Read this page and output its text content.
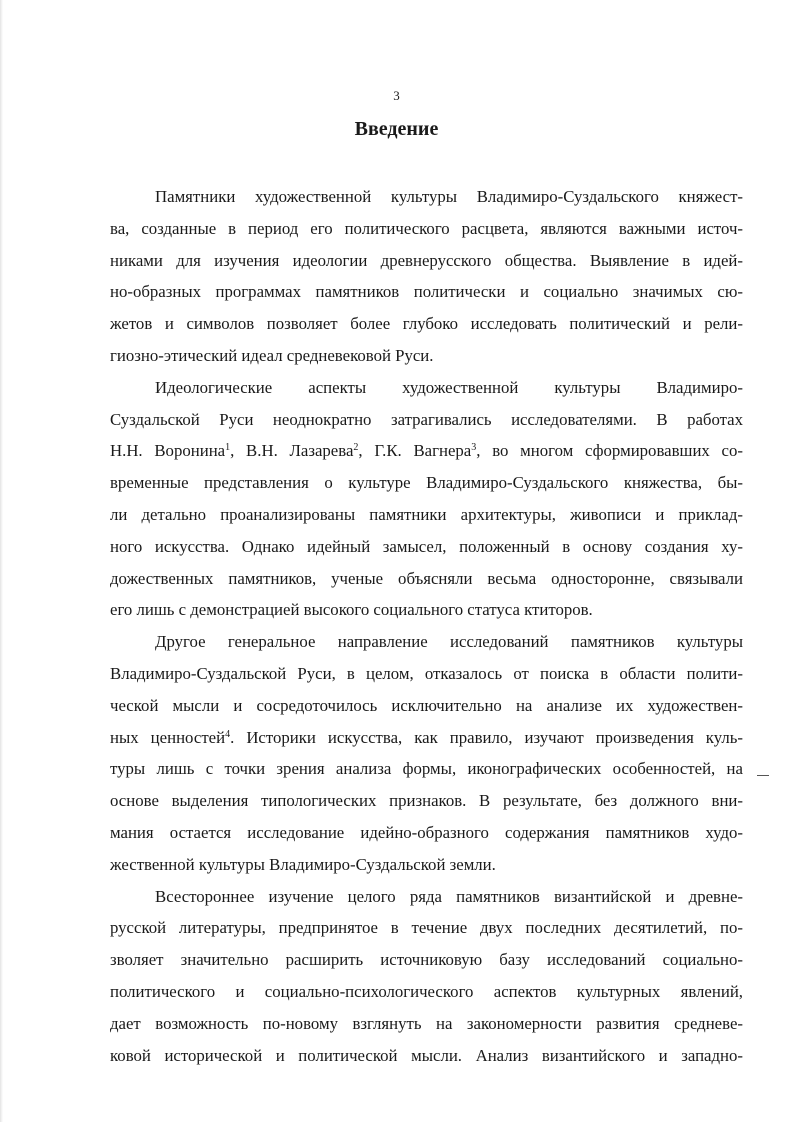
3
Введение
Памятники художественной культуры Владимиро-Суздальского княжест-
ва, созданные в период его политического расцвета, являются важными источ-
никами для изучения идеологии древнерусского общества. Выявление в идей-
но-образных программах памятников политически и социально значимых сю-
жетов и символов позволяет более глубоко исследовать политический и рели-
гиозно-этический идеал средневековой Руси.
Идеологические аспекты художественной культуры Владимиро-
Суздальской Руси неоднократно затрагивались исследователями. В работах
Н.Н. Воронина$^1$, В.Н. Лазарева$^2$, Г.К. Вагнера$^3$, во многом сформировавших со-
временные представления о культуре Владимиро-Суздальского княжества, бы-
ли детально проанализированы памятники архитектуры, живописи и приклад-
ного искусства. Однако идейный замысел, положенный в основу создания ху-
дожественных памятников, ученые объясняли весьма односторонне, связывали
его лишь с демонстрацией высокого социального статуса ктиторов.
Другое генеральное направление исследований памятников культуры
Владимиро-Суздальской Руси, в целом, отказалось от поиска в области полити-
ческой мысли и сосредоточилось исключительно на анализе их художествен-
ных ценностей$^4$. Историки искусства, как правило, изучают произведения куль-
туры лишь с точки зрения анализа формы, иконографических особенностей, на
основе выделения типологических признаков. В результате, без должного вни-
мания остается исследование идейно-образного содержания памятников худо-
жественной культуры Владимиро-Суздальской земли.
Всестороннее изучение целого ряда памятников византийской и древне-
русской литературы, предпринятое в течение двух последних десятилетий, по-
зволяет значительно расширить источниковую базу исследований социально-
политического и социально-психологического аспектов культурных явлений,
дает возможность по-новому взглянуть на закономерности развития средневе-
ковой исторической и политической мысли. Анализ византийского и западно-
